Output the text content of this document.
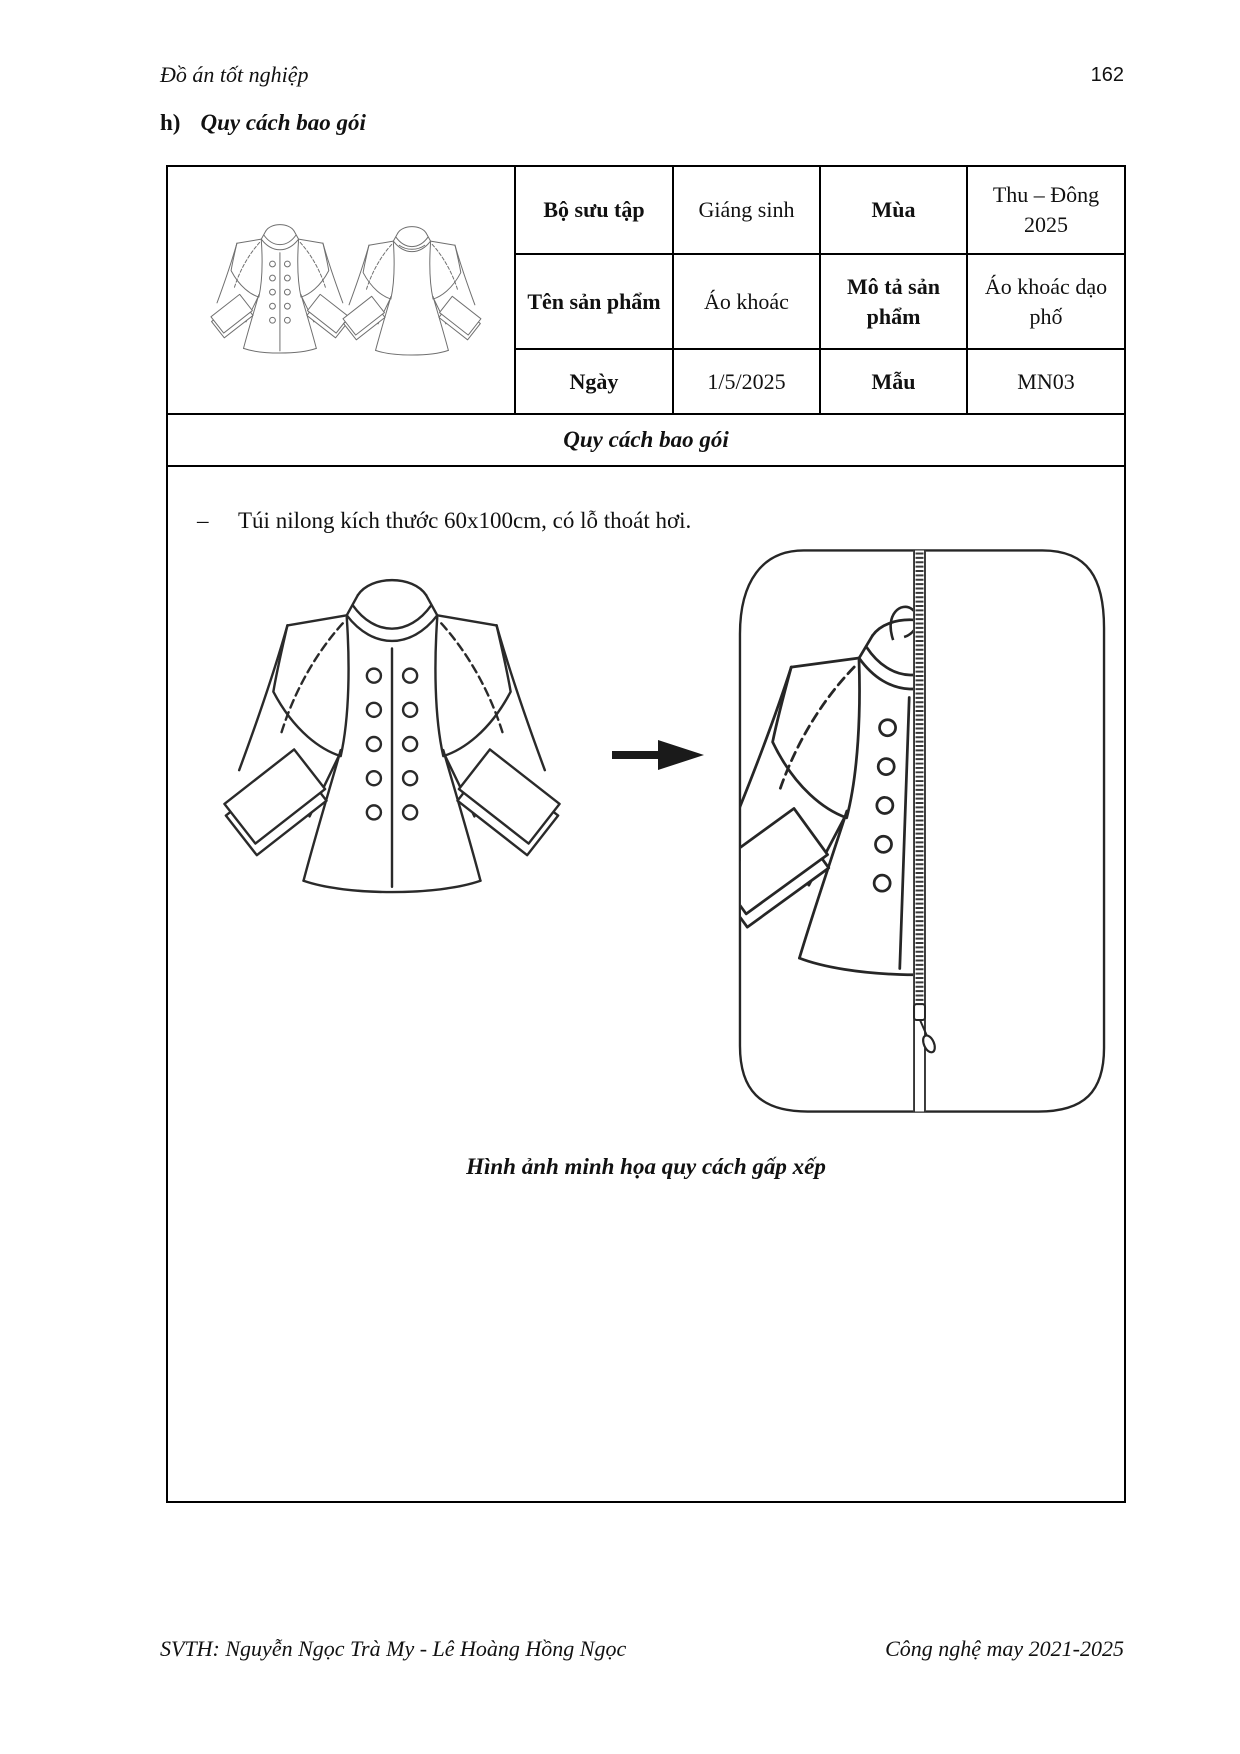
Đồ án tốt nghiệp	162
h) Quy cách bao gói
	Bộ sưu tập	Giáng sinh	Mùa	Thu – Đông 2025
	Tên sản phẩm	Áo khoác	Mô tả sản phẩm	Áo khoác dạo phố
	Ngày	1/5/2025	Mẫu	MN03
Quy cách bao gói				

– Túi nilong kích thước 60x100cm, có lỗ thoát hơi.
Hình ảnh minh họa quy cách gấp xếp				
SVTH: Nguyễn Ngọc Trà My - Lê Hoàng Hồng Ngọc	Công nghệ may 2021-2025
